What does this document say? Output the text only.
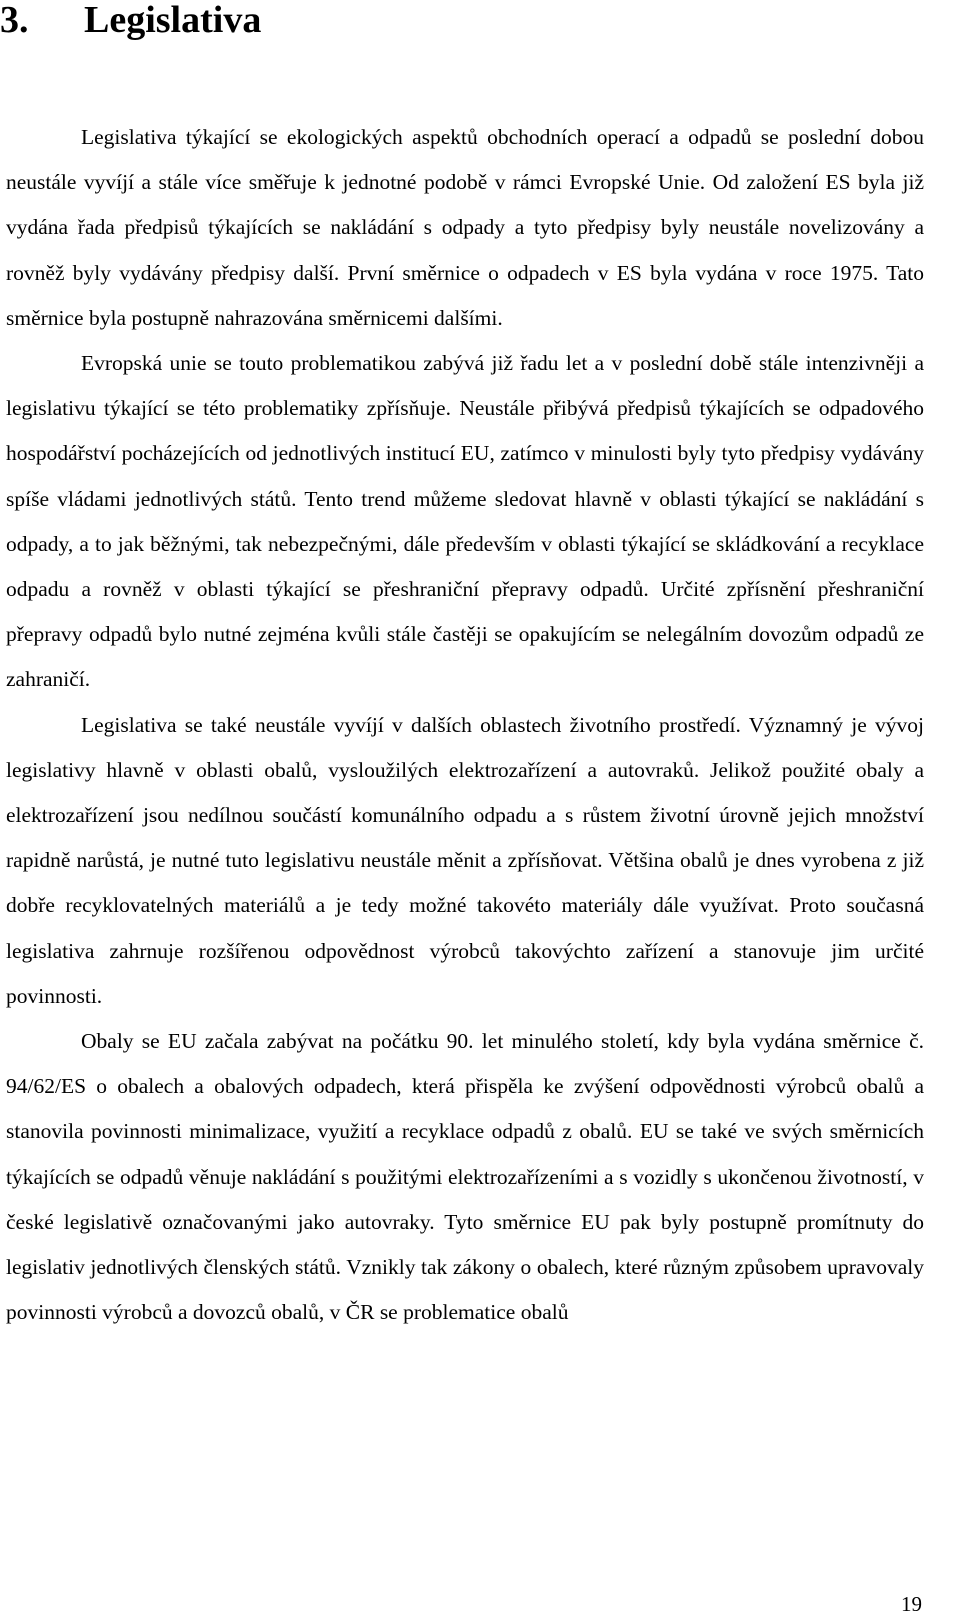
3. Legislativa

Legislativa týkající se ekologických aspektů obchodních operací a odpadů se poslední dobou neustále vyvíjí a stále více směřuje k jednotné podobě v rámci Evropské Unie. Od založení ES byla již vydána řada předpisů týkajících se nakládání s odpady a tyto předpisy byly neustále novelizovány a rovněž byly vydávány předpisy další. První směrnice o odpadech v ES byla vydána v roce 1975. Tato směrnice byla postupně nahrazována směrnicemi dalšími.

Evropská unie se touto problematikou zabývá již řadu let a v poslední době stále intenzivněji a legislativu týkající se této problematiky zpřísňuje. Neustále přibývá předpisů týkajících se odpadového hospodářství pocházejících od jednotlivých institucí EU, zatímco v minulosti byly tyto předpisy vydávány spíše vládami jednotlivých států. Tento trend můžeme sledovat hlavně v oblasti týkající se nakládání s odpady, a to jak běžnými, tak nebezpečnými, dále především v oblasti týkající se skládkování a recyklace odpadu a rovněž v oblasti týkající se přeshraniční přepravy odpadů. Určité zpřísnění přeshraniční přepravy odpadů bylo nutné zejména kvůli stále častěji se opakujícím se nelegálním dovozům odpadů ze zahraničí.

Legislativa se také neustále vyvíjí v dalších oblastech životního prostředí. Významný je vývoj legislativy hlavně v oblasti obalů, vysloužilých elektrozařízení a autovraků. Jelikož použité obaly a elektrozařízení jsou nedílnou součástí komunálního odpadu a s růstem životní úrovně jejich množství rapidně narůstá, je nutné tuto legislativu neustále měnit a zpřísňovat. Většina obalů je dnes vyrobena z již dobře recyklovatelných materiálů a je tedy možné takovéto materiály dále využívat. Proto současná legislativa zahrnuje rozšířenou odpovědnost výrobců takovýchto zařízení a stanovuje jim určité povinnosti.

Obaly se EU začala zabývat na počátku 90. let minulého století, kdy byla vydána směrnice č. 94/62/ES o obalech a obalových odpadech, která přispěla ke zvýšení odpovědnosti výrobců obalů a stanovila povinnosti minimalizace, využití a recyklace odpadů z obalů. EU se také ve svých směrnicích týkajících se odpadů věnuje nakládání s použitými elektrozařízeními a s vozidly s ukončenou životností, v české legislativě označovanými jako autovraky. Tyto směrnice EU pak byly postupně promítnuty do legislativ jednotlivých členských států. Vznikly tak zákony o obalech, které různým způsobem upravovaly povinnosti výrobců a dovozců obalů, v ČR se problematice obalů

19
